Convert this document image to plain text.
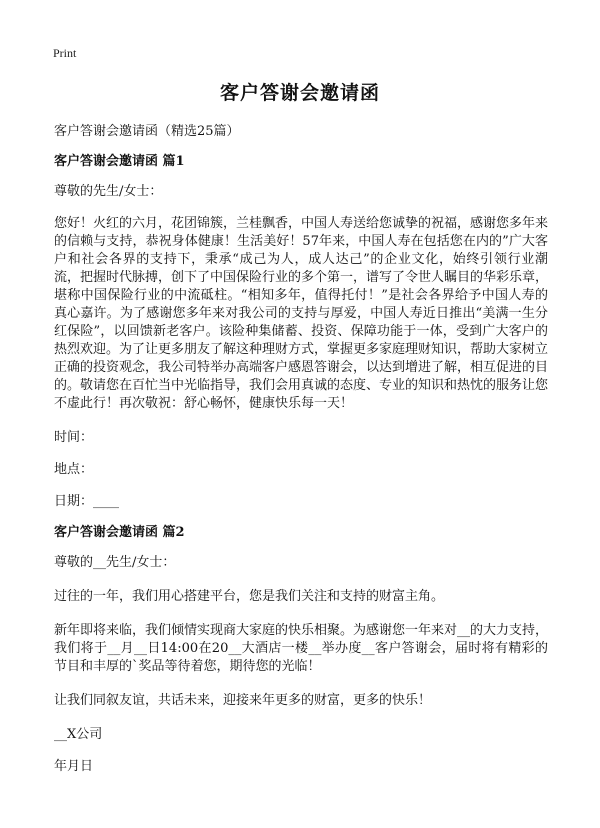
Print
客户答谢会邀请函
客户答谢会邀请函（精选25篇）
客户答谢会邀请函 篇1
尊敬的先生/女士：
您好！火红的六月，花团锦簇，兰桂飘香，中国人寿送给您诚挚的祝福，感谢您多年来的信赖与支持，恭祝身体健康！生活美好！57年来，中国人寿在包括您在内的”广大客户和社会各界的支持下，秉承“成己为人，成人达己”的企业文化，始终引领行业潮流，把握时代脉搏，创下了中国保险行业的多个第一，谱写了令世人瞩目的华彩乐章，堪称中国保险行业的中流砥柱。“相知多年，值得托付！”是社会各界给予中国人寿的真心嘉许。为了感谢您多年来对我公司的支持与厚爱，中国人寿近日推出“美满一生分红保险”，以回馈新老客户。该险种集储蓄、投资、保障功能于一体，受到广大客户的热烈欢迎。为了让更多朋友了解这种理财方式，掌握更多家庭理财知识，帮助大家树立正确的投资观念，我公司特举办高端客户感恩答谢会，以达到增进了解，相互促进的目的。敬请您在百忙当中光临指导，我们会用真诚的态度、专业的知识和热忱的服务让您不虚此行！再次敬祝：舒心畅怀，健康快乐每一天！
时间：
地点：
日期：____
客户答谢会邀请函 篇2
尊敬的__先生/女士：
过往的一年，我们用心搭建平台，您是我们关注和支持的财富主角。
新年即将来临，我们倾情实现商大家庭的快乐相聚。为感谢您一年来对__的大力支持，我们将于__月__日14:00在20__大酒店一楼__举办度__客户答谢会，届时将有精彩的节目和丰厚的`奖品等待着您，期待您的光临！
让我们同叙友谊，共话未来，迎接来年更多的财富，更多的快乐！
__X公司
年月日
